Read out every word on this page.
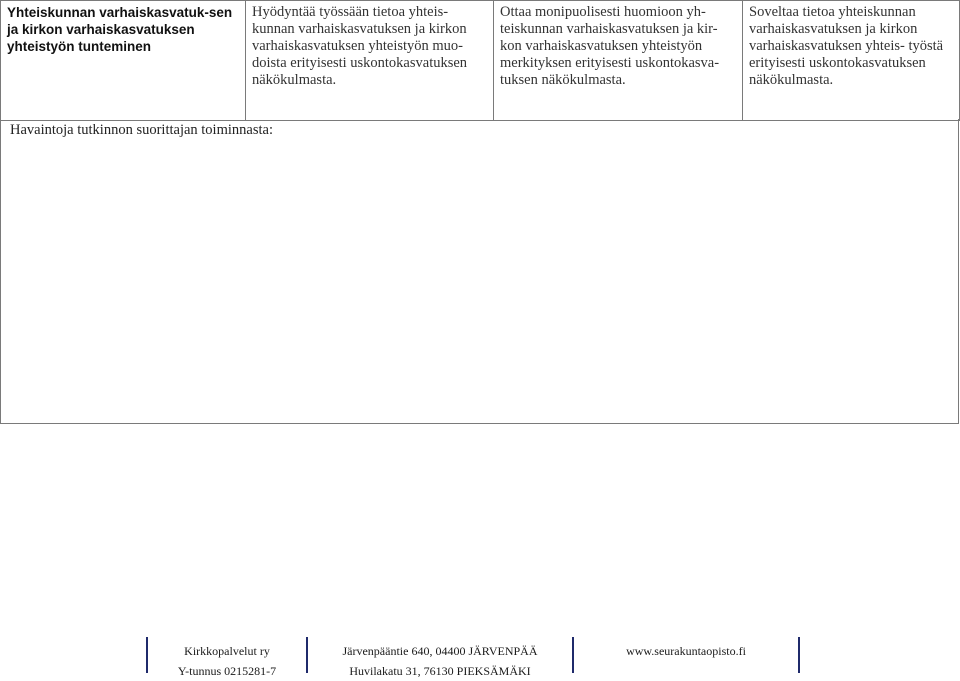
Yhteiskunnan varhaiskasvatuk-sen ja kirkon varhaiskasvatuksen yhteistyön tunteminen	Hyödyntää työssään tietoa yhteis-kunnan varhaiskasvatuksen ja kirkon varhaiskasvatuksen yhteistyön muo-doista erityisesti uskontokasvatuksen näkökulmasta.	Ottaa monipuolisesti huomioon yh-teiskunnan varhaiskasvatuksen ja kir-kon varhaiskasvatuksen yhteistyön merkityksen erityisesti uskontokasva-tuksen näkökulmasta.	Soveltaa tietoa yhteiskunnan varhaiskasvatuksen ja kirkon varhaiskasvatuksen yhteis- työstä erityisesti uskontokasvatuksen näkökulmasta.
Havaintoja tutkinnon suorittajan toiminnasta:
Kirkkopalvelut ry
Y-tunnus 0215281-7
Järvenpääntie 640, 04400 JÄRVENPÄÄ
Huvilakatu 31, 76130 PIEKSÄMÄKI
www.seurakuntaopisto.fi
